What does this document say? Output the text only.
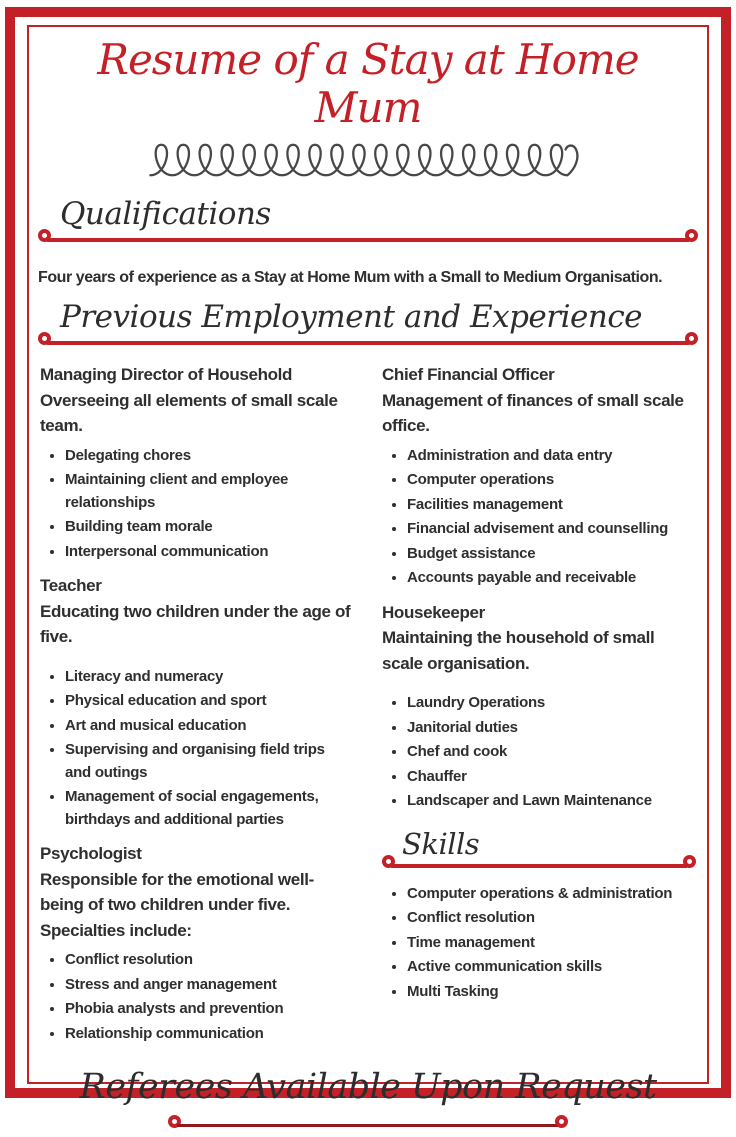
Resume of a Stay at Home Mum
Qualifications

Four years of experience as a Stay at Home Mum with a Small to Medium Organisation.

Previous Employment and Experience
Managing Director of Household
Overseeing all elements of small scale team.
• Delegating chores
• Maintaining client and employee relationships
• Building team morale
• Interpersonal communication
Teacher
Educating two children under the age of five.
• Literacy and numeracy
• Physical education and sport
• Art and musical education
• Supervising and organising field trips and outings
• Management of social engagements, birthdays and additional parties
Psychologist
Responsible for the emotional well-being of two children under five. Specialties include:
• Conflict resolution
• Stress and anger management
• Phobia analysts and prevention
• Relationship communication
Chief Financial Officer
Management of finances of small scale office.
• Administration and data entry
• Computer operations
• Facilities management
• Financial advisement and counselling
• Budget assistance
• Accounts payable and receivable
Housekeeper
Maintaining the household of small scale organisation.
• Laundry Operations
• Janitorial duties
• Chef and cook
• Chauffer
• Landscaper and Lawn Maintenance
Skills
• Computer operations & administration
• Conflict resolution
• Time management
• Active communication skills
• Multi Tasking
Referees Available Upon Request
